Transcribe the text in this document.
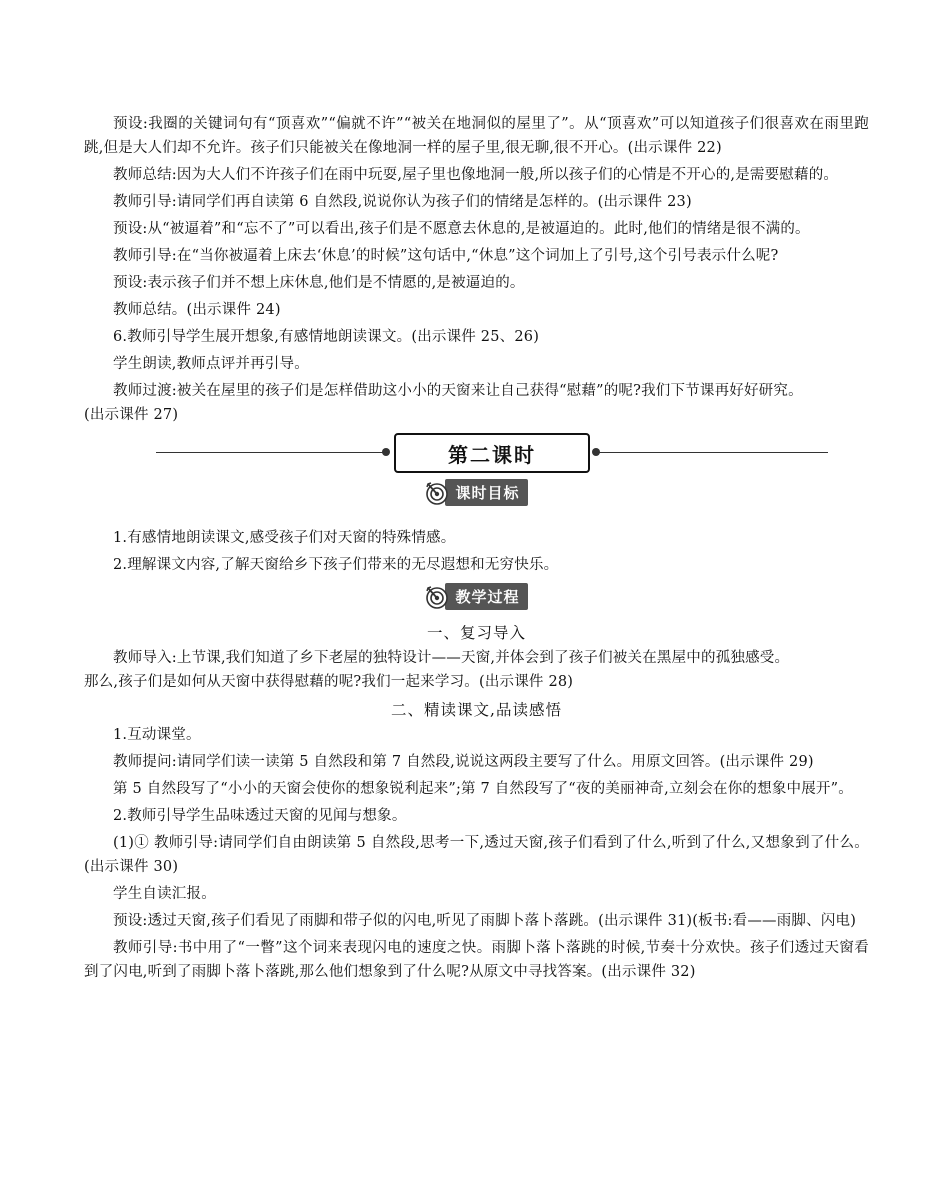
预设:我圈的关键词句有“顶喜欢”“偏就不许”“被关在地洞似的屋里了”。从“顶喜欢”可以知道孩子们很喜欢在雨里跑跳,但是大人们却不允许。孩子们只能被关在像地洞一样的屋子里,很无聊,很不开心。(出示课件 22)

教师总结:因为大人们不许孩子们在雨中玩耍,屋子里也像地洞一般,所以孩子们的心情是不开心的,是需要慰藉的。

教师引导:请同学们再自读第 6 自然段,说说你认为孩子们的情绪是怎样的。(出示课件 23)

预设:从“被逼着”和“忘不了”可以看出,孩子们是不愿意去休息的,是被逼迫的。此时,他们的情绪是很不满的。

教师引导:在“当你被逼着上床去‘休息’的时候”这句话中,“休息”这个词加上了引号,这个引号表示什么呢?

预设:表示孩子们并不想上床休息,他们是不情愿的,是被逼迫的。

教师总结。(出示课件 24)

6.教师引导学生展开想象,有感情地朗读课文。(出示课件 25、26)

学生朗读,教师点评并再引导。

教师过渡:被关在屋里的孩子们是怎样借助这小小的天窗来让自己获得“慰藉”的呢?我们下节课再好好研究。

(出示课件 27)

第二课时
课时目标

1.有感情地朗读课文,感受孩子们对天窗的特殊情感。

2.理解课文内容,了解天窗给乡下孩子们带来的无尽遐想和无穷快乐。

教学过程
一、复习导入

教师导入:上节课,我们知道了乡下老屋的独特设计——天窗,并体会到了孩子们被关在黑屋中的孤独感受。

那么,孩子们是如何从天窗中获得慰藉的呢?我们一起来学习。(出示课件 28)

二、精读课文,品读感悟

1.互动课堂。

教师提问:请同学们读一读第 5 自然段和第 7 自然段,说说这两段主要写了什么。用原文回答。(出示课件 29)

第 5 自然段写了“小小的天窗会使你的想象锐利起来”;第 7 自然段写了“夜的美丽神奇,立刻会在你的想象中展开”。

2.教师引导学生品味透过天窗的见闻与想象。

(1)① 教师引导:请同学们自由朗读第 5 自然段,思考一下,透过天窗,孩子们看到了什么,听到了什么,又想象到了什么。(出示课件 30)

学生自读汇报。

预设:透过天窗,孩子们看见了雨脚和带子似的闪电,听见了雨脚卜落卜落跳。(出示课件 31)(板书:看——雨脚、闪电)

教师引导:书中用了“一瞥”这个词来表现闪电的速度之快。雨脚卜落卜落跳的时候,节奏十分欢快。孩子们透过天窗看到了闪电,听到了雨脚卜落卜落跳,那么他们想象到了什么呢?从原文中寻找答案。(出示课件 32)
